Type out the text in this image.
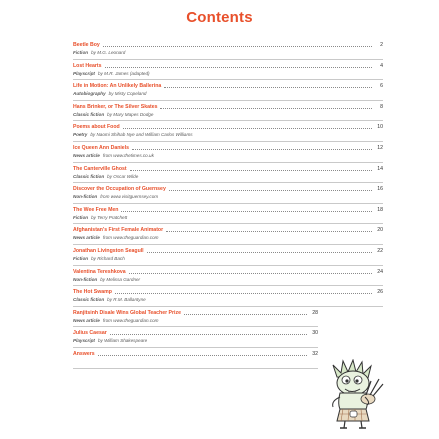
Contents
Beetle Boy	2
Fiction by M.G. Leonard
Lost Hearts	4
Playscript by M.R. James (adapted)
Life in Motion: An Unlikely Ballerina	6
Autobiography by Misty Copeland
Hans Brinker, or The Silver Skates	8
Classic fiction by Mary Mapes Dodge
Poems about Food	10
Poetry by Naomi Shihab Nye and William Carlos Williams
Ice Queen Ann Daniels	12
News article from www.thetimes.co.uk
The Canterville Ghost	14
Classic fiction by Oscar Wilde
Discover the Occupation of Guernsey	16
Non-fiction from www.visitguernsey.com
The Wee Free Men	18
Fiction by Terry Pratchett
Afghanistan's First Female Animator	20
News article from www.theguardian.com
Jonathan Livingston Seagull	22
Fiction by Richard Bach
Valentina Tereshkova	24
Non-fiction by Melissa Gardner
The Hot Swamp	26
Classic fiction by R.M. Ballantyne
Ranjitsinh Disale Wins Global Teacher Prize	28
News article from www.theguardian.com
Julius Caesar	30
Playscript by William Shakespeare
Answers	32
